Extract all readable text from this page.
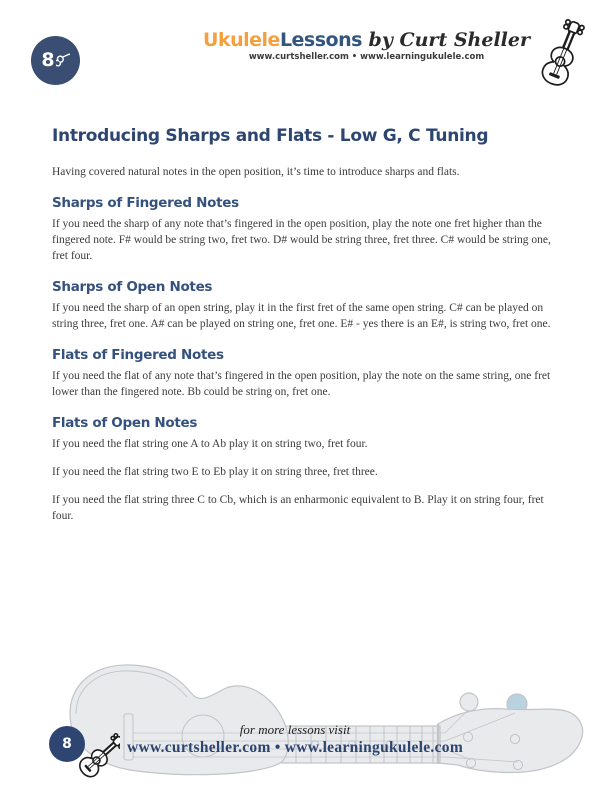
8
UkuleleLessons by Curt Sheller
www.curtsheller.com • www.learningukulele.com
Introducing Sharps and Flats - Low G, C Tuning

Having covered natural notes in the open position, it’s time to introduce sharps and flats.

Sharps of Fingered Notes

If you need the sharp of any note that’s fingered in the open position, play the note one fret higher than the fingered note. F# would be string two, fret two. D# would be string three, fret three. C# would be string one, fret four.

Sharps of Open Notes

If you need the sharp of an open string, play it in the first fret of the same open string. C# can be played on string three, fret one. A# can be played on string one, fret one. E# - yes there is an E#, is string two, fret one.

Flats of Fingered Notes

If you need the flat of any note that’s fingered in the open position, play the note on the same string, one fret lower than the fingered note. Bb could be string on, fret one.

Flats of Open Notes

If you need the flat string one A to Ab play it on string two, fret four.

If you need the flat string two E to Eb play it on string three, fret three.

If you need the flat string three C to Cb, which is an enharmonic equivalent to B. Play it on string four, fret four.

for more lessons visit
www.curtsheller.com • www.learningukulele.com
8
